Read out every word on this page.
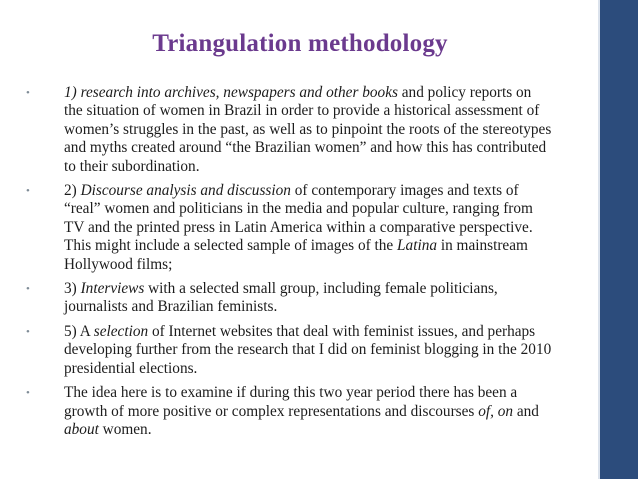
Triangulation methodology
• 1) research into archives, newspapers and other books and policy reports on the situation of women in Brazil in order to provide a historical assessment of women’s struggles in the past, as well as to pinpoint the roots of the stereotypes and myths created around “the Brazilian women” and how this has contributed to their subordination.
• 2) Discourse analysis and discussion of contemporary images and texts of “real” women and politicians in the media and popular culture, ranging from TV and the printed press in Latin America within a comparative perspective. This might include a selected sample of images of the Latina in mainstream Hollywood films;
• 3) Interviews with a selected small group, including female politicians, journalists and Brazilian feminists.
• 5) A selection of Internet websites that deal with feminist issues, and perhaps developing further from the research that I did on feminist blogging in the 2010 presidential elections.
• The idea here is to examine if during this two year period there has been a growth of more positive or complex representations and discourses of, on and about women.
